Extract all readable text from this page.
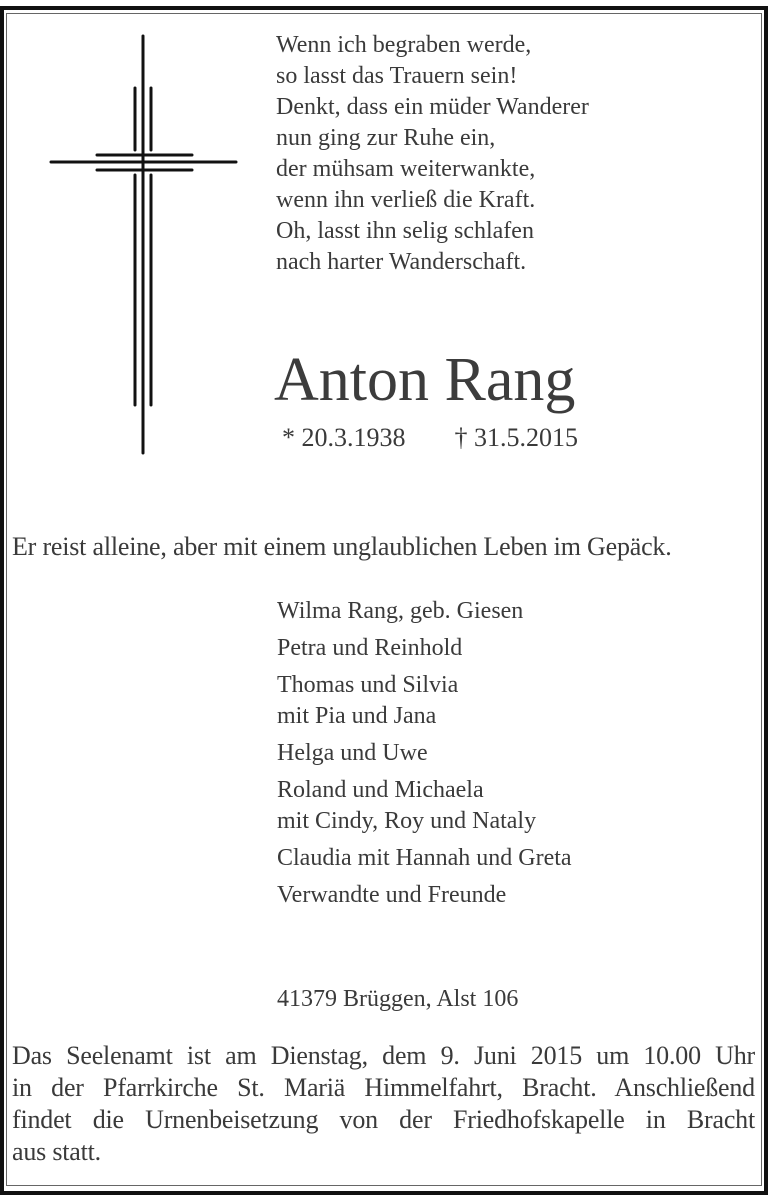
Wenn ich begraben werde,
so lasst das Trauern sein!
Denkt, dass ein müder Wanderer
nun ging zur Ruhe ein,
der mühsam weiterwankte,
wenn ihn verließ die Kraft.
Oh, lasst ihn selig schlafen
nach harter Wanderschaft.
Anton Rang
* 20.3.1938 † 31.5.2015
Er reist alleine, aber mit einem unglaublichen Leben im Gepäck.
Wilma Rang, geb. Giesen
Petra und Reinhold
Thomas und Silvia
mit Pia und Jana
Helga und Uwe
Roland und Michaela
mit Cindy, Roy und Nataly
Claudia mit Hannah und Greta
Verwandte und Freunde
41379 Brüggen, Alst 106
Das Seelenamt ist am Dienstag, dem 9. Juni 2015 um 10.00 Uhr
in der Pfarrkirche St. Mariä Himmelfahrt, Bracht. Anschließend
findet die Urnenbeisetzung von der Friedhofskapelle in Bracht
aus statt.
